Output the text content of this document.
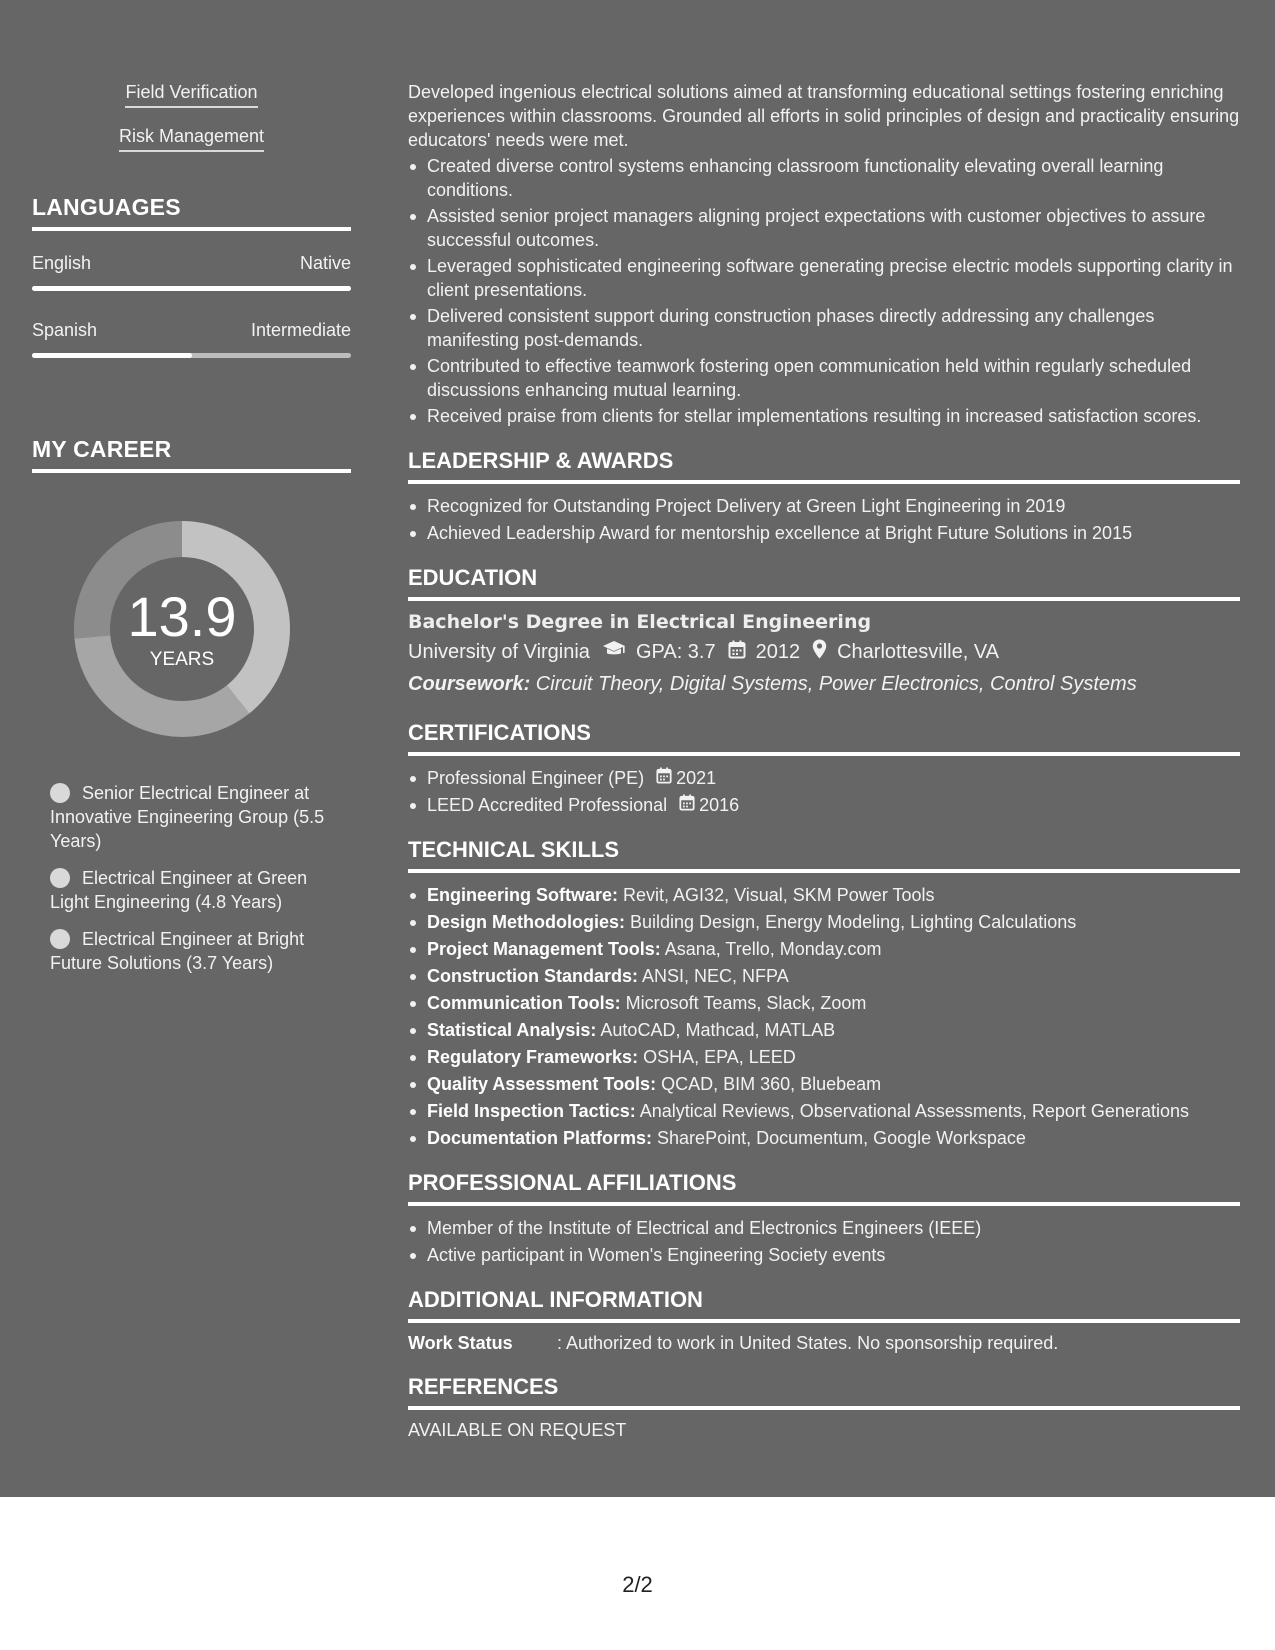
Field Verification
Risk Management
LANGUAGES
English	Native
Spanish	Intermediate
MY CAREER
13.9
YEARS
Senior Electrical Engineer at Innovative Engineering Group (5.5 Years)
Electrical Engineer at Green Light Engineering (4.8 Years)
Electrical Engineer at Bright Future Solutions (3.7 Years)

Developed ingenious electrical solutions aimed at transforming educational settings fostering enriching experiences within classrooms. Grounded all efforts in solid principles of design and practicality ensuring educators' needs were met.

Created diverse control systems enhancing classroom functionality elevating overall learning conditions.
Assisted senior project managers aligning project expectations with customer objectives to assure successful outcomes.
Leveraged sophisticated engineering software generating precise electric models supporting clarity in client presentations.
Delivered consistent support during construction phases directly addressing any challenges manifesting post-demands.
Contributed to effective teamwork fostering open communication held within regularly scheduled discussions enhancing mutual learning.
Received praise from clients for stellar implementations resulting in increased satisfaction scores.
LEADERSHIP & AWARDS
Recognized for Outstanding Project Delivery at Green Light Engineering in 2019
Achieved Leadership Award for mentorship excellence at Bright Future Solutions in 2015
EDUCATION
Bachelor's Degree in Electrical Engineering
University of Virginia GPA: 3.7 2012 Charlottesville, VA
Coursework: Circuit Theory, Digital Systems, Power Electronics, Control Systems
CERTIFICATIONS
Professional Engineer (PE) 2021
LEED Accredited Professional 2016
TECHNICAL SKILLS
Engineering Software: Revit, AGI32, Visual, SKM Power Tools
Design Methodologies: Building Design, Energy Modeling, Lighting Calculations
Project Management Tools: Asana, Trello, Monday.com
Construction Standards: ANSI, NEC, NFPA
Communication Tools: Microsoft Teams, Slack, Zoom
Statistical Analysis: AutoCAD, Mathcad, MATLAB
Regulatory Frameworks: OSHA, EPA, LEED
Quality Assessment Tools: QCAD, BIM 360, Bluebeam
Field Inspection Tactics: Analytical Reviews, Observational Assessments, Report Generations
Documentation Platforms: SharePoint, Documentum, Google Workspace
PROFESSIONAL AFFILIATIONS
Member of the Institute of Electrical and Electronics Engineers (IEEE)
Active participant in Women's Engineering Society events
ADDITIONAL INFORMATION
Work Status	: Authorized to work in United States. No sponsorship required.
REFERENCES
AVAILABLE ON REQUEST
2/2
